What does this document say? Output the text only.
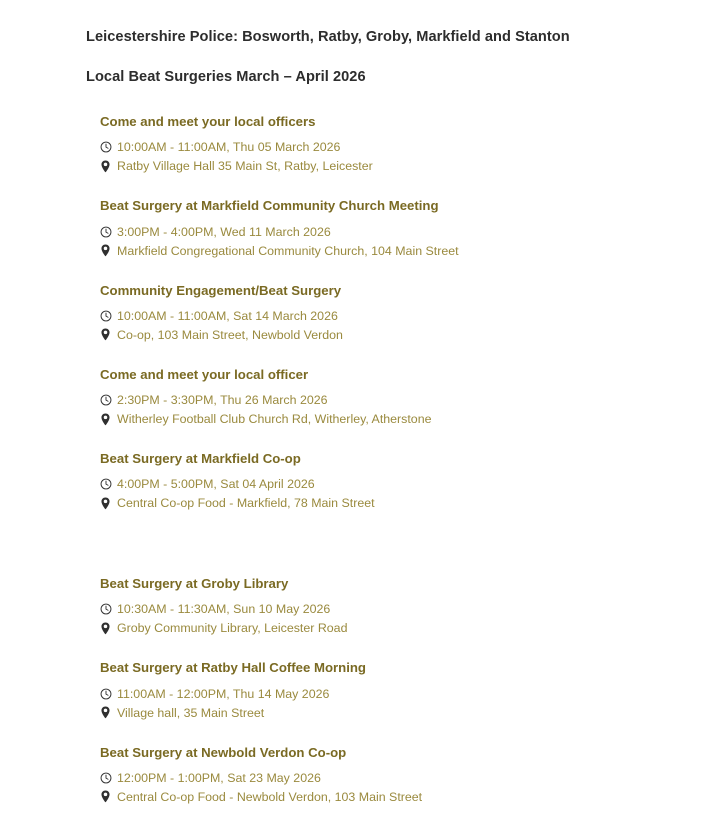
Leicestershire Police: Bosworth, Ratby, Groby, Markfield and Stanton
Local Beat Surgeries March – April 2026
Come and meet your local officers
10:00AM - 11:00AM, Thu 05 March 2026
Ratby Village Hall 35 Main St, Ratby, Leicester
Beat Surgery at Markfield Community Church Meeting
3:00PM - 4:00PM, Wed 11 March 2026
Markfield Congregational Community Church, 104 Main Street
Community Engagement/Beat Surgery
10:00AM - 11:00AM, Sat 14 March 2026
Co-op, 103 Main Street, Newbold Verdon
Come and meet your local officer
2:30PM - 3:30PM, Thu 26 March 2026
Witherley Football Club Church Rd, Witherley, Atherstone
Beat Surgery at Markfield Co-op
4:00PM - 5:00PM, Sat 04 April 2026
Central Co-op Food - Markfield, 78 Main Street
Beat Surgery at Groby Library
10:30AM - 11:30AM, Sun 10 May 2026
Groby Community Library, Leicester Road
Beat Surgery at Ratby Hall Coffee Morning
11:00AM - 12:00PM, Thu 14 May 2026
Village hall, 35 Main Street
Beat Surgery at Newbold Verdon Co-op
12:00PM - 1:00PM, Sat 23 May 2026
Central Co-op Food - Newbold Verdon, 103 Main Street
